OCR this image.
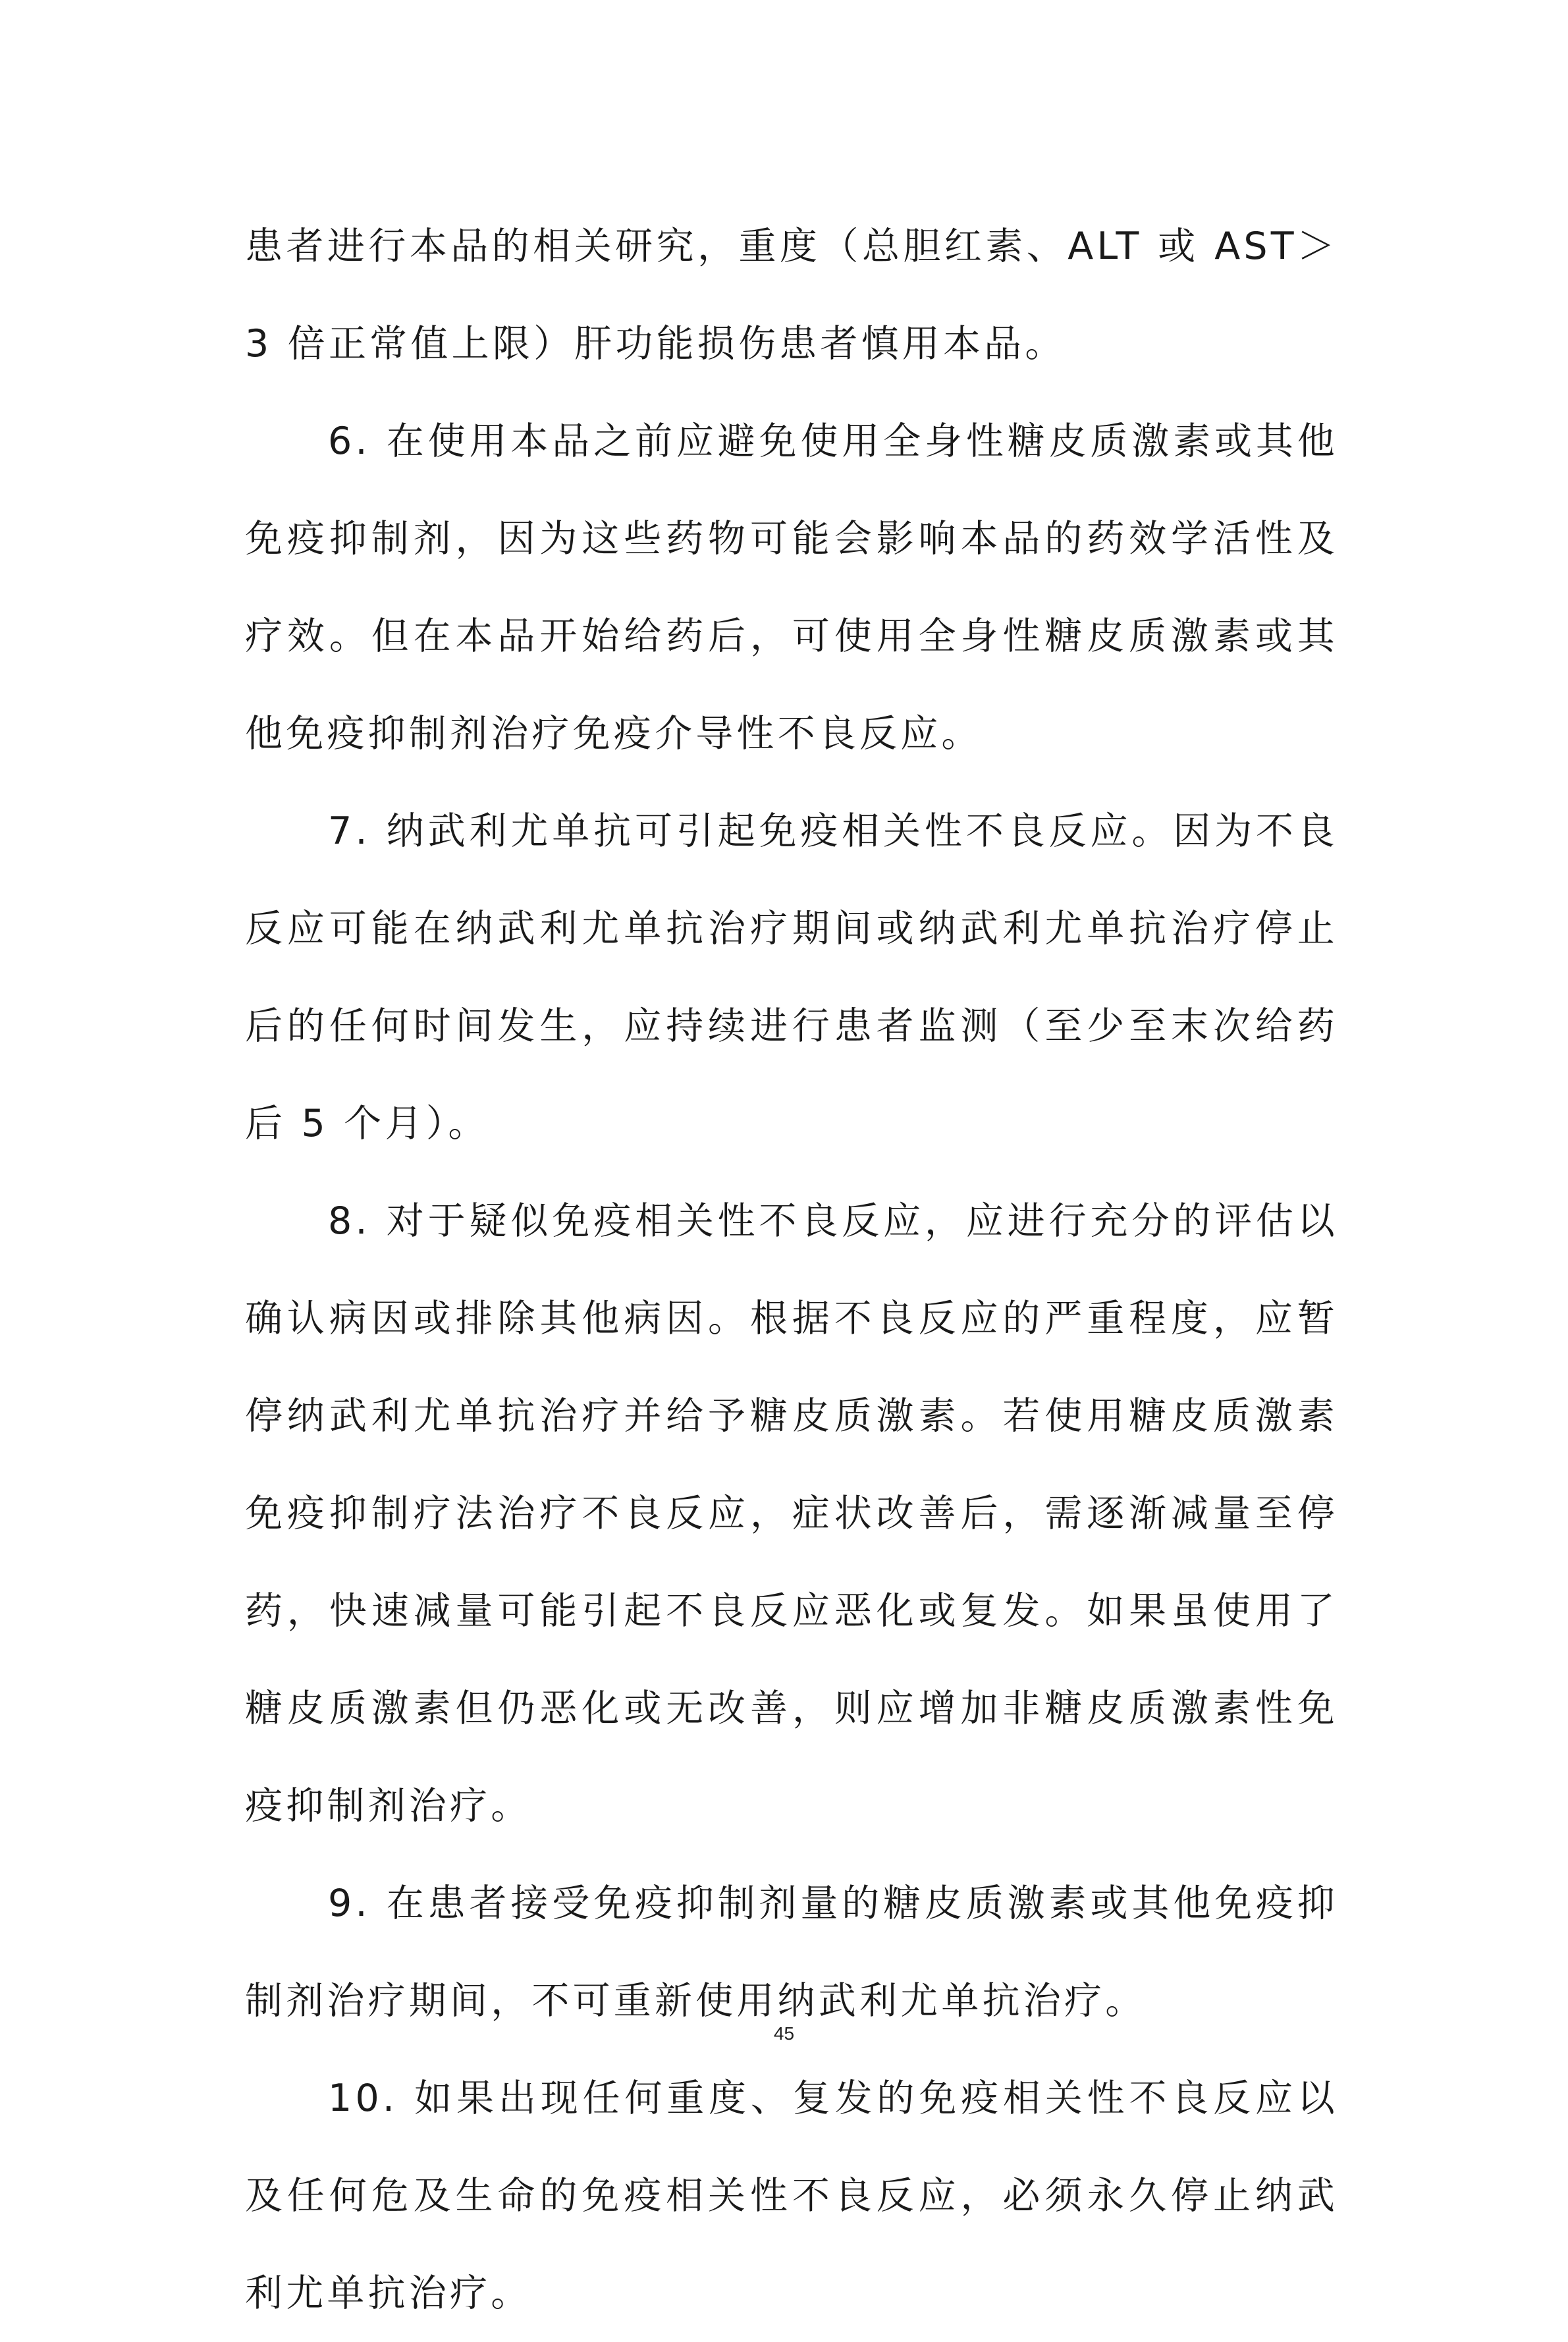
患者进行本品的相关研究，重度（总胆红素、ALT 或 AST＞3 倍正常值上限）肝功能损伤患者慎用本品。

6. 在使用本品之前应避免使用全身性糖皮质激素或其他免疫抑制剂，因为这些药物可能会影响本品的药效学活性及疗效。但在本品开始给药后，可使用全身性糖皮质激素或其他免疫抑制剂治疗免疫介导性不良反应。

7. 纳武利尤单抗可引起免疫相关性不良反应。因为不良反应可能在纳武利尤单抗治疗期间或纳武利尤单抗治疗停止后的任何时间发生，应持续进行患者监测（至少至末次给药后 5 个月）。

8. 对于疑似免疫相关性不良反应，应进行充分的评估以确认病因或排除其他病因。根据不良反应的严重程度，应暂停纳武利尤单抗治疗并给予糖皮质激素。若使用糖皮质激素免疫抑制疗法治疗不良反应，症状改善后，需逐渐减量至停药，快速减量可能引起不良反应恶化或复发。如果虽使用了糖皮质激素但仍恶化或无改善，则应增加非糖皮质激素性免疫抑制剂治疗。

9. 在患者接受免疫抑制剂量的糖皮质激素或其他免疫抑制剂治疗期间，不可重新使用纳武利尤单抗治疗。

10. 如果出现任何重度、复发的免疫相关性不良反应以及任何危及生命的免疫相关性不良反应，必须永久停止纳武利尤单抗治疗。

45
